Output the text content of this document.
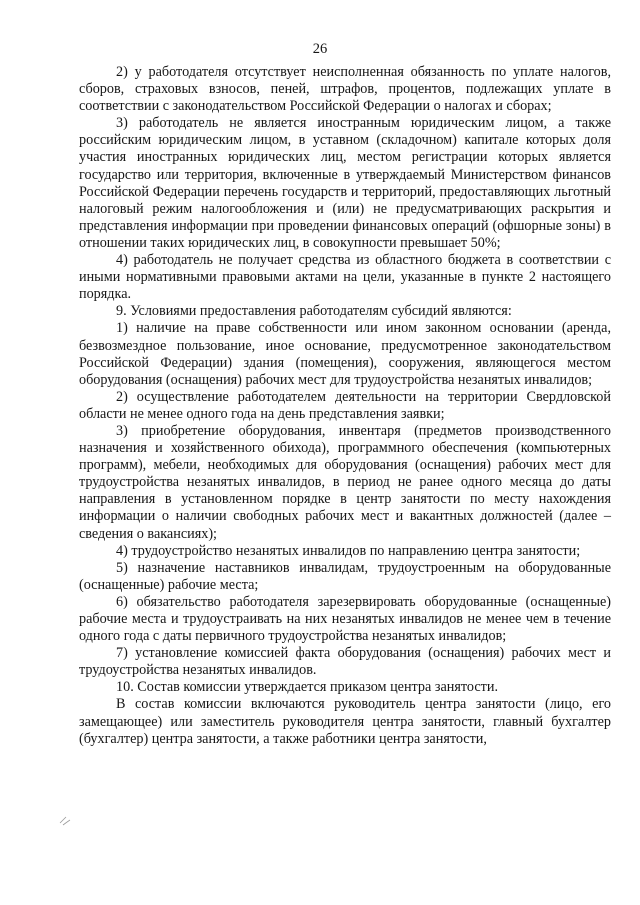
26

2) у работодателя отсутствует неисполненная обязанность по уплате налогов, сборов, страховых взносов, пеней, штрафов, процентов, подлежащих уплате в соответствии с законодательством Российской Федерации о налогах и сборах;

3) работодатель не является иностранным юридическим лицом, а также российским юридическим лицом, в уставном (складочном) капитале которых доля участия иностранных юридических лиц, местом регистрации которых является государство или территория, включенные в утверждаемый Министерством финансов Российской Федерации перечень государств и территорий, предоставляющих льготный налоговый режим налогообложения и (или) не предусматривающих раскрытия и представления информации при проведении финансовых операций (офшорные зоны) в отношении таких юридических лиц, в совокупности превышает 50%;

4) работодатель не получает средства из областного бюджета в соответствии с иными нормативными правовыми актами на цели, указанные в пункте 2 настоящего порядка.

9. Условиями предоставления работодателям субсидий являются:

1) наличие на праве собственности или ином законном основании (аренда, безвозмездное пользование, иное основание, предусмотренное законодательством Российской Федерации) здания (помещения), сооружения, являющегося местом оборудования (оснащения) рабочих мест для трудоустройства незанятых инвалидов;

2) осуществление работодателем деятельности на территории Свердловской области не менее одного года на день представления заявки;

3) приобретение оборудования, инвентаря (предметов производственного назначения и хозяйственного обихода), программного обеспечения (компьютерных программ), мебели, необходимых для оборудования (оснащения) рабочих мест для трудоустройства незанятых инвалидов, в период не ранее одного месяца до даты направления в установленном порядке в центр занятости по месту нахождения информации о наличии свободных рабочих мест и вакантных должностей (далее – сведения о вакансиях);

4) трудоустройство незанятых инвалидов по направлению центра занятости;

5) назначение наставников инвалидам, трудоустроенным на оборудованные (оснащенные) рабочие места;

6) обязательство работодателя зарезервировать оборудованные (оснащенные) рабочие места и трудоустраивать на них незанятых инвалидов не менее чем в течение одного года с даты первичного трудоустройства незанятых инвалидов;

7) установление комиссией факта оборудования (оснащения) рабочих мест и трудоустройства незанятых инвалидов.

10. Состав комиссии утверждается приказом центра занятости.

В состав комиссии включаются руководитель центра занятости (лицо, его замещающее) или заместитель руководителя центра занятости, главный бухгалтер (бухгалтер) центра занятости, а также работники центра занятости,
